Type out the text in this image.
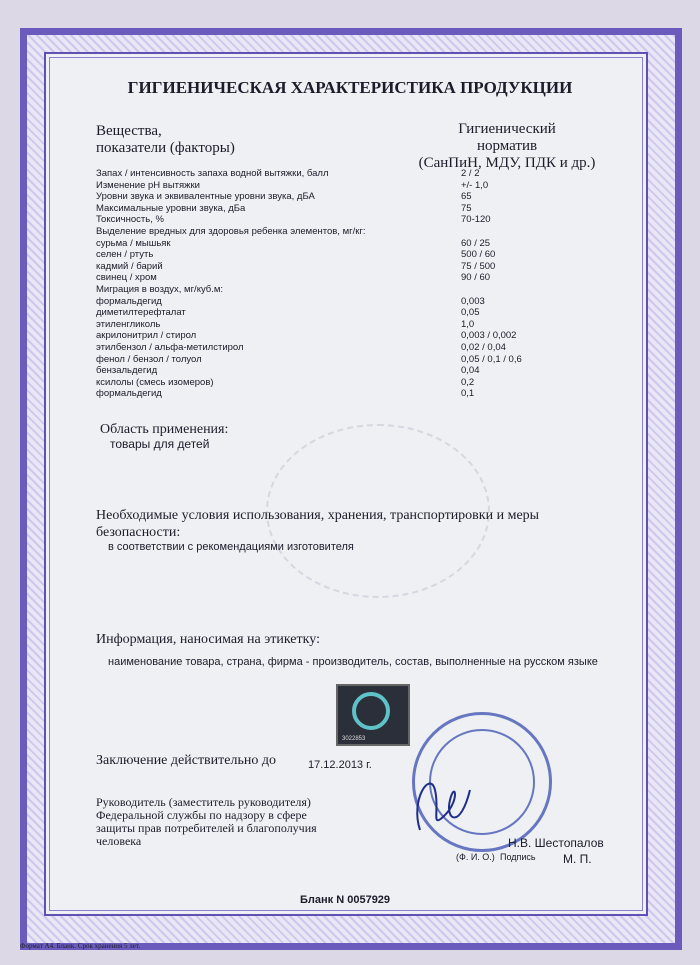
ГИГИЕНИЧЕСКАЯ ХАРАКТЕРИСТИКА ПРОДУКЦИИ
Вещества,
показатели (факторы)
Гигиенический
норматив
(СанПиН, МДУ, ПДК и др.)
Запах / интенсивность запаха водной вытяжки, балл	2 / 2
Изменение pH вытяжки	+/- 1,0
Уровни звука и эквивалентные уровни звука, дБА	65
Максимальные уровни звука, дБа	75
Токсичность, %	70-120
Выделение вредных для здоровья ребенка элементов, мг/кг:
сурьма / мышьяк	60 / 25
селен / ртуть	500 / 60
кадмий / барий	75 / 500
свинец / хром	90 / 60
Миграция в воздух, мг/куб.м:
формальдегид	0,003
диметилтерефталат	0,05
этиленгликоль	1,0
акрилонитрил / стирол	0,003 / 0,002
этилбензол / альфа-метилстирол	0,02 / 0,04
фенол / бензол / толуол	0,05 / 0,1 / 0,6
бензальдегид	0,04
ксилолы (смесь изомеров)	0,2
формальдегид	0,1
Область применения:
товары для детей
Необходимые условия использования, хранения, транспортировки и меры
безопасности:
в соответствии с рекомендациями изготовителя
Информация, наносимая на этикетку:
наименование товара, страна, фирма - производитель, состав, выполненные на русском языке
3022853
Заключение действительно до	17.12.2013 г.
Руководитель (заместитель руководителя)
Федеральной службы по надзору в сфере
защиты прав потребителей и благополучия
человека	Н.В. Шестопалов
(Ф. И. О.) Подпись М. П.
Бланк N 0057929
Формат А4. Бланк. Срок хранения 5 лет.
